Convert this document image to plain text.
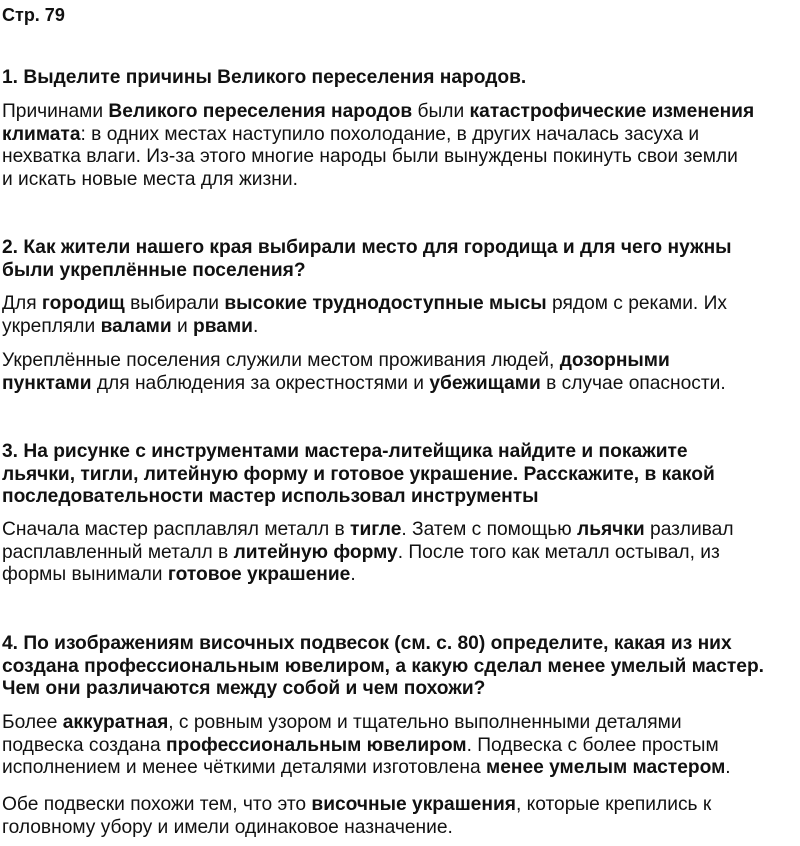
Стр. 79
1. Выделите причины Великого переселения народов.
Причинами Великого переселения народов были катастрофические изменения
климата: в одних местах наступило похолодание, в других началась засуха и
нехватка влаги. Из-за этого многие народы были вынуждены покинуть свои земли
и искать новые места для жизни.
2. Как жители нашего края выбирали место для городища и для чего нужны
были укреплённые поселения?
Для городищ выбирали высокие труднодоступные мысы рядом с реками. Их
укрепляли валами и рвами.
Укреплённые поселения служили местом проживания людей, дозорными
пунктами для наблюдения за окрестностями и убежищами в случае опасности.
3. На рисунке с инструментами мастера-литейщика найдите и покажите
льячки, тигли, литейную форму и готовое украшение. Расскажите, в какой
последовательности мастер использовал инструменты
Сначала мастер расплавлял металл в тигле. Затем с помощью льячки разливал
расплавленный металл в литейную форму. После того как металл остывал, из
формы вынимали готовое украшение.
4. По изображениям височных подвесок (см. с. 80) определите, какая из них
создана профессиональным ювелиром, а какую сделал менее умелый мастер.
Чем они различаются между собой и чем похожи?
Более аккуратная, с ровным узором и тщательно выполненными деталями
подвеска создана профессиональным ювелиром. Подвеска с более простым
исполнением и менее чёткими деталями изготовлена менее умелым мастером.
Обе подвески похожи тем, что это височные украшения, которые крепились к
головному убору и имели одинаковое назначение.
